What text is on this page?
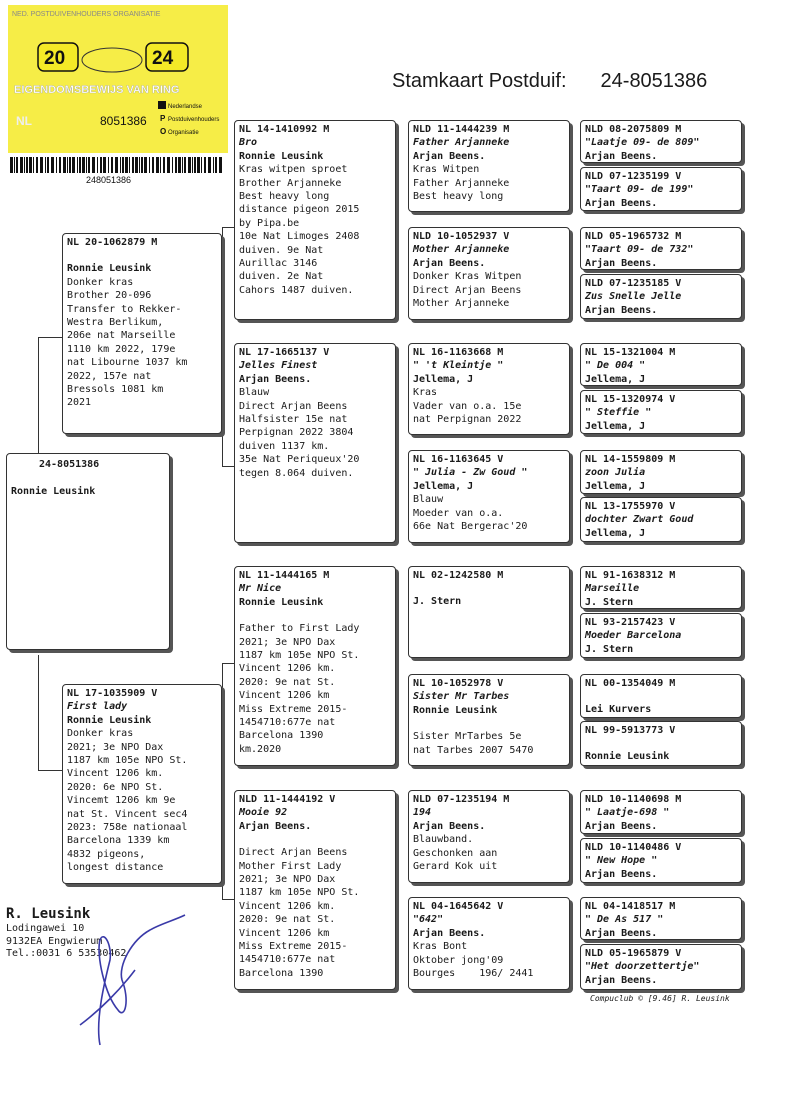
Stamkaart Postduif: 24-8051386
NED. POSTDUIVENHOUDERS ORGANISATIE
20	24
EIGENDOMSBEWIJS VAN RING
NL	8051386
Nederlandse
P Postduivenhouders
O Organisatie
248051386
24-8051386
Ronnie Leusink
NL 20-1062879 M
Ronnie Leusink
Donker kras
Brother 20-096
Transfer to Rekker-
Westra Berlikum,
206e nat Marseille
1110 km 2022, 179e
nat Libourne 1037 km
2022, 157e nat
Bressols 1081 km
2021
NL 17-1035909 V
First lady
Ronnie Leusink
Donker kras
2021; 3e NPO Dax
1187 km 105e NPO St.
Vincent 1206 km.
2020: 6e NPO St.
Vincemt 1206 km 9e
nat St. Vincent sec4
2023: 758e nationaal
Barcelona 1339 km
4832 pigeons,
longest distance
NL 14-1410992 M
Bro
Ronnie Leusink
Kras witpen sproet
Brother Arjanneke
Best heavy long
distance pigeon 2015
by Pipa.be
10e Nat Limoges 2408
duiven. 9e Nat
Aurillac 3146
duiven. 2e Nat
Cahors 1487 duiven.
NL 17-1665137 V
Jelles Finest
Arjan Beens.
Blauw
Direct Arjan Beens
Halfsister 15e nat
Perpignan 2022 3804
duiven 1137 km.
35e Nat Periqueux'20
tegen 8.064 duiven.
NL 11-1444165 M
Mr Nice
Ronnie Leusink
Father to First Lady
2021; 3e NPO Dax
1187 km 105e NPO St.
Vincent 1206 km.
2020: 9e nat St.
Vincent 1206 km
Miss Extreme 2015-
1454710:677e nat
Barcelona 1390
km.2020
NLD 11-1444192 V
Mooie 92
Arjan Beens.
Direct Arjan Beens
Mother First Lady
2021; 3e NPO Dax
1187 km 105e NPO St.
Vincent 1206 km.
2020: 9e nat St.
Vincent 1206 km
Miss Extreme 2015-
1454710:677e nat
Barcelona 1390
NLD 11-1444239 M
Father Arjanneke
Arjan Beens.
Kras Witpen
Father Arjanneke
Best heavy long
NLD 10-1052937 V
Mother Arjanneke
Arjan Beens.
Donker Kras Witpen
Direct Arjan Beens
Mother Arjanneke
NL 16-1163668 M
" 't Kleintje "
Jellema, J
Kras
Vader van o.a. 15e
nat Perpignan 2022
NL 16-1163645 V
" Julia - Zw Goud "
Jellema, J
Blauw
Moeder van o.a.
66e Nat Bergerac'20
NL 02-1242580 M
J. Stern
NL 10-1052978 V
Sister Mr Tarbes
Ronnie Leusink
Sister MrTarbes 5e
nat Tarbes 2007 5470
NLD 07-1235194 M
194
Arjan Beens.
Blauwband.
Geschonken aan
Gerard Kok uit
NL 04-1645642 V
"642"
Arjan Beens.
Kras Bont
Oktober jong'09
Bourges    196/ 2441
NLD 08-2075809 M
"Laatje 09- de 809"
Arjan Beens.
NLD 07-1235199 V
"Taart 09- de 199"
Arjan Beens.
NLD 05-1965732 M
"Taart 09- de 732"
Arjan Beens.
NLD 07-1235185 V
Zus Snelle Jelle
Arjan Beens.
NL 15-1321004 M
" De 004 "
Jellema, J
NL 15-1320974 V
" Steffie "
Jellema, J
NL 14-1559809 M
zoon Julia
Jellema, J
NL 13-1755970 V
dochter Zwart Goud
Jellema, J
NL 91-1638312 M
Marseille
J. Stern
NL 93-2157423 V
Moeder Barcelona
J. Stern
NL 00-1354049 M
Lei Kurvers
NL 99-5913773 V
Ronnie Leusink
NLD 10-1140698 M
" Laatje-698 "
Arjan Beens.
NLD 10-1140486 V
" New Hope "
Arjan Beens.
NL 04-1418517 M
" De As 517 "
Arjan Beens.
NLD 05-1965879 V
"Het doorzettertje"
Arjan Beens.
R. Leusink
Lodingawei 10
9132EA Engwierum
Tel.:0031 6 53530462
Compuclub © [9.46] R. Leusink
